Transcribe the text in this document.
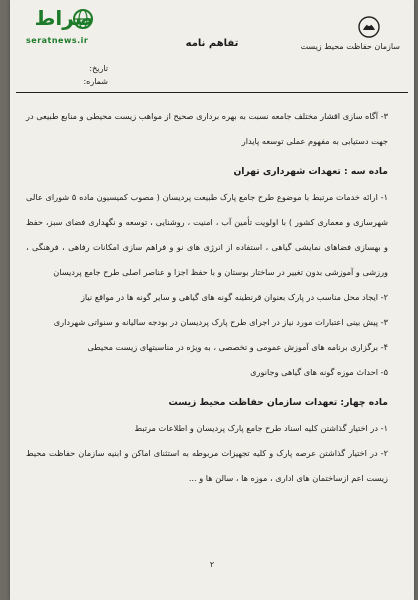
صراط
seratnews.ir
سازمان حفاظت محیط زیست
تفاهم نامه
تاریخ:
شماره:

۳- آگاه سازی اقشار مختلف جامعه نسبت به بهره برداری صحیح از مواهب زیست محیطی و منابع طبیعی در جهت دستیابی به مفهوم عملی توسعه پایدار

ماده سه : تعهدات شهرداری تهران

۱- ارائه خدمات مرتبط با موضوع طرح جامع پارک طبیعت پردیسان ( مصوب کمیسیون ماده ۵ شورای عالی شهرسازی و معماری کشور ) با اولویت تأمین آب ، امنیت ، روشنایی ، توسعه و نگهداری فضای سبز، حفظ و بهسازی فضاهای نمایشی گیاهی ، استفاده از انرژی های نو و فراهم سازی امکانات رفاهی ، فرهنگی ، ورزشی و آموزشی بدون تغییر در ساختار بوستان و با حفظ اجزا و عناصر اصلی طرح جامع پردیسان

۲- ایجاد محل مناسب در پارک بعنوان قرنطینه گونه های گیاهی و سایر گونه ها در مواقع نیاز

۳- پیش بینی اعتبارات مورد نیاز در اجرای طرح پارک پردیسان در بودجه سالیانه و سنواتی شهرداری

۴- برگزاری برنامه های آموزش عمومی و تخصصی ، به ویژه در مناسبتهای زیست محیطی

۵- احداث موزه گونه های گیاهی وجانوری

ماده چهار: تعهدات سازمان حفاظت محیط زیست

۱- در اختیار گذاشتن کلیه اسناد طرح جامع پارک پردیسان و اطلاعات مرتبط

۲- در اختیار گذاشتن عرصه پارک و کلیه تجهیزات مربوطه به استثنای اماکن و ابنیه سازمان حفاظت محیط زیست اعم ازساختمان های اداری ، موزه ها ، سالن ها و ...

۲
